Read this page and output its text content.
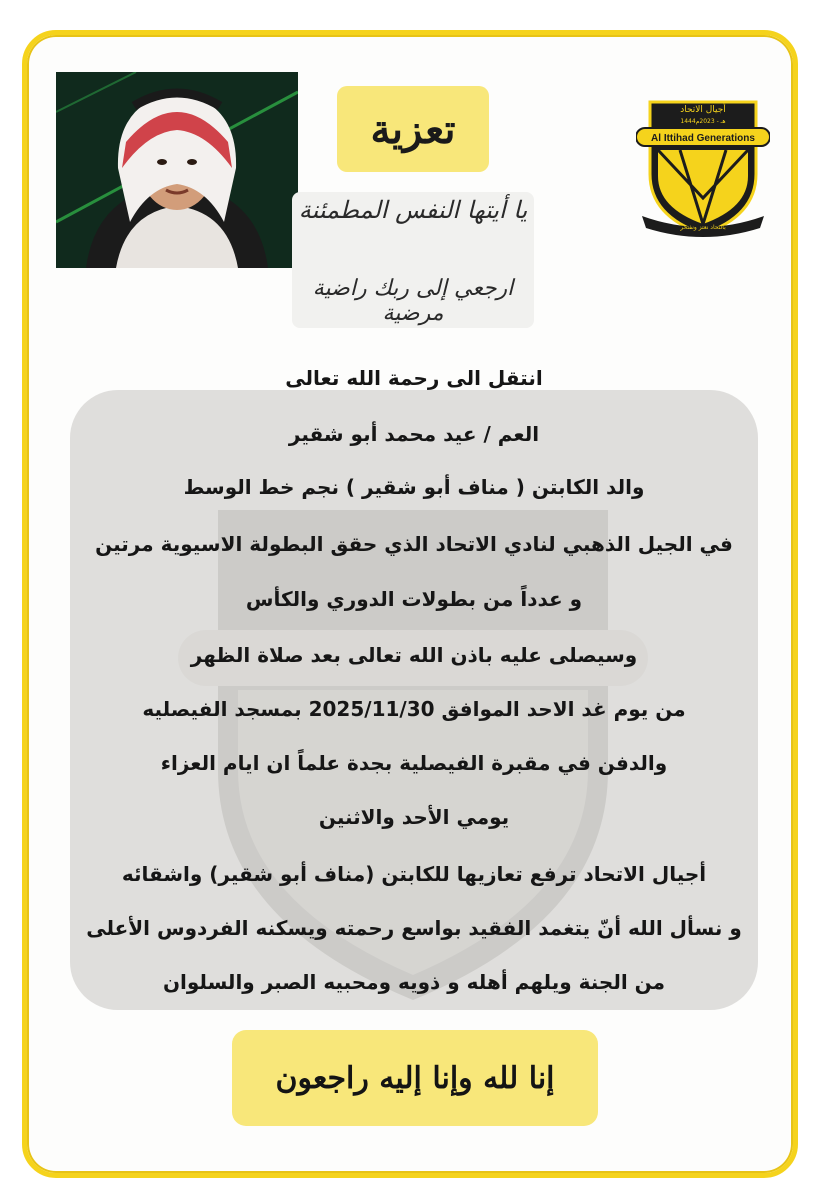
تعزية	Al Ittihad Generations
أجيال الاتحاد
1444هـ - 2023م
بالتحاد نعتز ونفتخر
يا أيتها النفس المطمئنة
ارجعي إلى ربك راضية مرضية
انتقل الى رحمة الله تعالى
العم / عيد محمد أبو شقير
والد الكابتن ( مناف أبو شقير ) نجم خط الوسط
في الجيل الذهبي لنادي الاتحاد الذي حقق البطولة الاسيوية مرتين
و عدداً من بطولات الدوري والكأس
وسيصلى عليه باذن الله تعالى بعد صلاة الظهر
من يوم غد الاحد الموافق 2025/11/30 بمسجد الفيصليه
والدفن في مقبرة الفيصلية بجدة علماً ان ايام العزاء
يومي الأحد والاثنين
أجيال الاتحاد ترفع تعازيها للكابتن (مناف أبو شقير) واشقائه
و نسأل الله أنّ يتغمد الفقيد بواسع رحمته ويسكنه الفردوس الأعلى
من الجنة ويلهم أهله و ذويه ومحبيه الصبر والسلوان
إنا لله وإنا إليه راجعون
